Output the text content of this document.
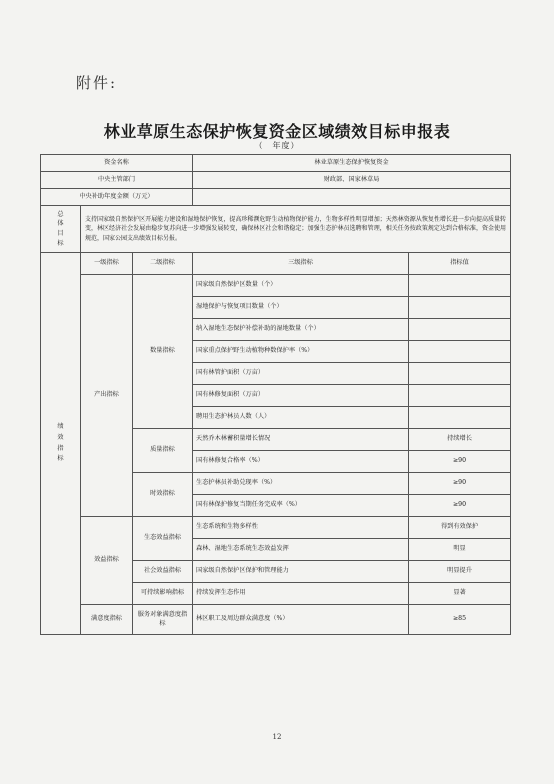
附件:
林业草原生态保护恢复资金区域绩效目标申报表
（　年度）
资金名称			林业草原生态保护恢复资金	
中央主管部门			财政部、国家林草局	
中央补助年度金额（万元）				
总体目标	支持国家级自然保护区开展能力建设和湿地保护恢复，提高珍稀濒危野生动植物保护能力，生物多样性明显增加；天然林资源从恢复性增长进一步向提高质量转变，林区经济社会发展由稳步复苏向进一步增强发展转变，确保林区社会和谐稳定；加强生态护林员选聘和管理，相关任务按政策规定达到合格标准，资金使用规范，国家公园支出绩效目标另报。			
绩效指标	一级指标	二级指标	三级指标	指标值
	产出指标	数量指标	国家级自然保护区数量（个）	
			湿地保护与恢复项目数量（个）	
			纳入湿地生态保护补偿补助的湿地数量（个）	
			国家重点保护野生动植物种数保护率（%）	
			国有林管护面积（万亩）	
			国有林修复面积（万亩）	
			聘用生态护林员人数（人）	
		质量指标	天然乔木林蓄积量增长情况	持续增长
			国有林修复合格率（%）	≥90
		时效指标	生态护林员补助兑现率（%）	≥90
			国有林保护修复当期任务完成率（%）	≥90
	效益指标	生态效益指标	生态系统和生物多样性	得到有效保护
			森林、湿地生态系统生态效益发挥	明显
		社会效益指标	国家级自然保护区保护和管理能力	明显提升
		可持续影响指标	持续发挥生态作用	显著
	满意度指标	服务对象满意度指标	林区职工及周边群众满意度（%）	≥85
12
